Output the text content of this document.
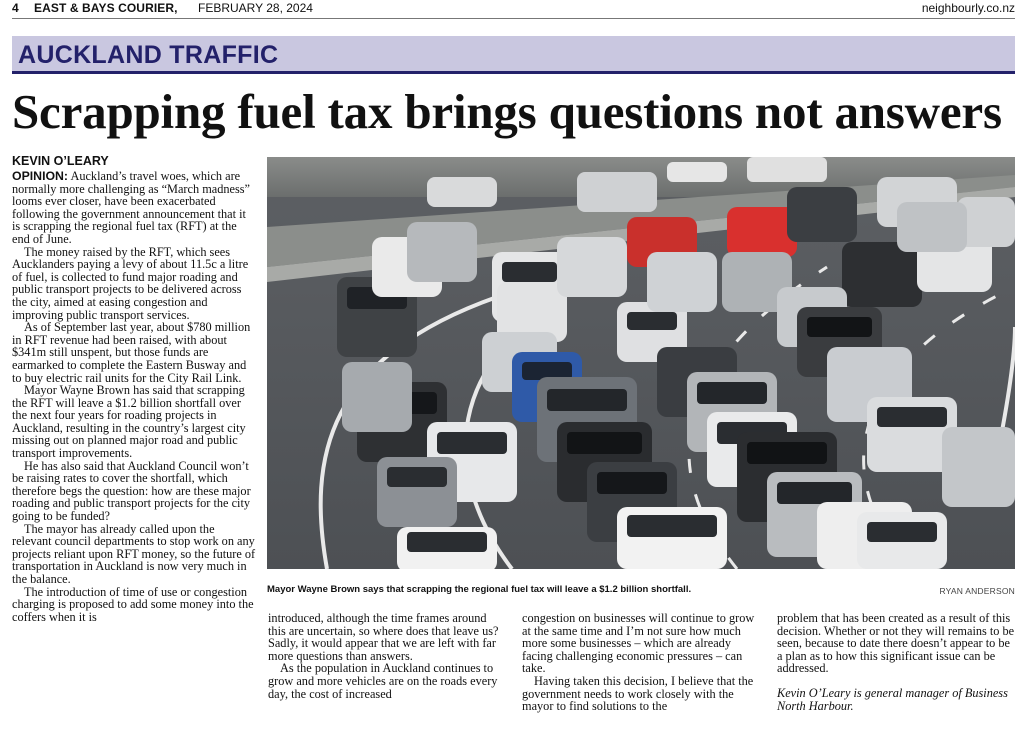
4 EAST & BAYS COURIER, FEBRUARY 28, 2024	neighbourly.co.nz
AUCKLAND TRAFFIC
Scrapping fuel tax brings questions not answers
KEVIN O’LEARY

OPINION: Auckland’s travel woes, which are normally more challenging as “March madness” looms ever closer, have been exacerbated following the government announcement that it is scrapping the regional fuel tax (RFT) at the end of June.

The money raised by the RFT, which sees Aucklanders paying a levy of about 11.5c a litre of fuel, is collected to fund major roading and public transport projects to be delivered across the city, aimed at easing congestion and improving public transport services.

As of September last year, about $780 million in RFT revenue had been raised, with about $341m still unspent, but those funds are earmarked to complete the Eastern Busway and to buy electric rail units for the City Rail Link.

Mayor Wayne Brown has said that scrapping the RFT will leave a $1.2 billion shortfall over the next four years for roading projects in Auckland, resulting in the country’s largest city missing out on planned major road and public transport improvements.

He has also said that Auckland Council won’t be raising rates to cover the shortfall, which therefore begs the question: how are these major roading and public transport projects for the city going to be funded?

The mayor has already called upon the relevant council departments to stop work on any projects reliant upon RFT money, so the future of transportation in Auckland is now very much in the balance.

The introduction of time of use or congestion charging is proposed to add some money into the coffers when it is

Mayor Wayne Brown says that scrapping the regional fuel tax will leave a $1.2 billion shortfall.	RYAN ANDERSON

introduced, although the time frames around this are uncertain, so where does that leave us? Sadly, it would appear that we are left with far more questions than answers.

As the population in Auckland continues to grow and more vehicles are on the roads every day, the cost of increased

congestion on businesses will continue to grow at the same time and I’m not sure how much more some businesses – which are already facing challenging economic pressures – can take.

Having taken this decision, I believe that the government needs to work closely with the mayor to find solutions to the

problem that has been created as a result of this decision. Whether or not they will remains to be seen, because to date there doesn’t appear to be a plan as to how this significant issue can be addressed.

Kevin O’Leary is general manager of Business North Harbour.
